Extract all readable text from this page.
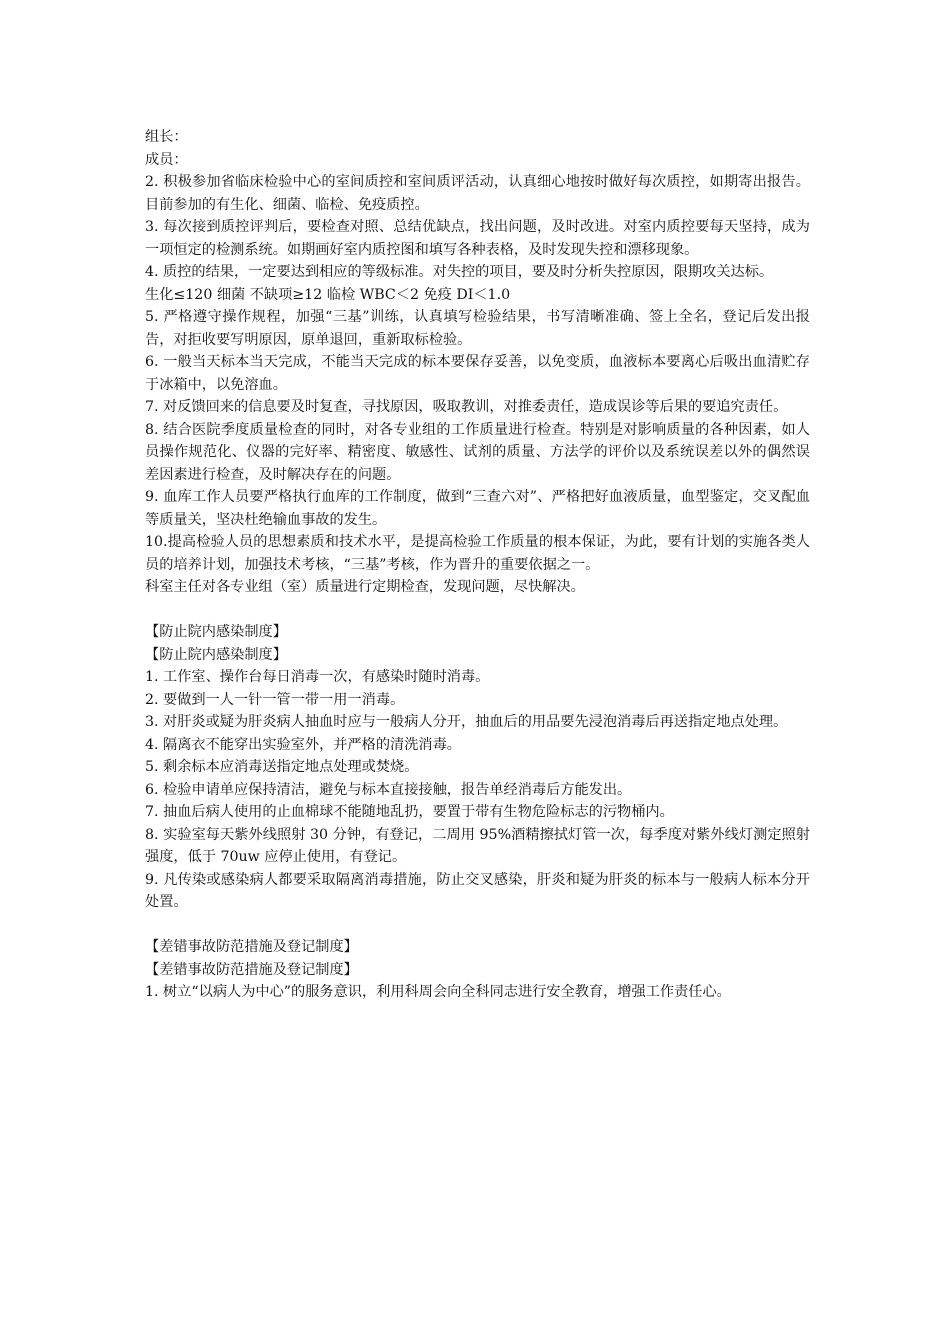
组长：

成员：

2. 积极参加省临床检验中心的室间质控和室间质评活动，认真细心地按时做好每次质控，如期寄出报告。目前参加的有生化、细菌、临检、免疫质控。

3. 每次接到质控评判后，要检查对照、总结优缺点，找出问题，及时改进。对室内质控要每天坚持，成为一项恒定的检测系统。如期画好室内质控图和填写各种表格，及时发现失控和漂移现象。

4. 质控的结果，一定要达到相应的等级标准。对失控的项目，要及时分析失控原因，限期攻关达标。

生化≤120 细菌 不缺项≥12 临检 WBC＜2 免疫 DI＜1.0

5. 严格遵守操作规程，加强“三基”训练，认真填写检验结果，书写清晰准确、签上全名，登记后发出报告，对拒收要写明原因，原单退回，重新取标检验。

6. 一般当天标本当天完成，不能当天完成的标本要保存妥善，以免变质，血液标本要离心后吸出血清贮存于冰箱中，以免溶血。

7. 对反馈回来的信息要及时复查，寻找原因，吸取教训，对推委责任，造成误诊等后果的要追究责任。

8. 结合医院季度质量检查的同时，对各专业组的工作质量进行检查。特别是对影响质量的各种因素，如人员操作规范化、仪器的完好率、精密度、敏感性、试剂的质量、方法学的评价以及系统误差以外的偶然误差因素进行检查，及时解决存在的问题。

9. 血库工作人员要严格执行血库的工作制度，做到“三查六对”、严格把好血液质量，血型鉴定，交叉配血等质量关，坚决杜绝输血事故的发生。

10.提高检验人员的思想素质和技术水平，是提高检验工作质量的根本保证，为此，要有计划的实施各类人员的培养计划，加强技术考核，“三基”考核，作为晋升的重要依据之一。

科室主任对各专业组（室）质量进行定期检查，发现问题，尽快解决。

【防止院内感染制度】

【防止院内感染制度】

1. 工作室、操作台每日消毒一次，有感染时随时消毒。

2. 要做到一人一针一管一带一用一消毒。

3. 对肝炎或疑为肝炎病人抽血时应与一般病人分开，抽血后的用品要先浸泡消毒后再送指定地点处理。

4. 隔离衣不能穿出实验室外，并严格的清洗消毒。

5. 剩余标本应消毒送指定地点处理或焚烧。

6. 检验申请单应保持清洁，避免与标本直接接触，报告单经消毒后方能发出。

7. 抽血后病人使用的止血棉球不能随地乱扔，要置于带有生物危险标志的污物桶内。

8. 实验室每天紫外线照射 30 分钟，有登记，二周用 95%酒精擦拭灯管一次，每季度对紫外线灯测定照射强度，低于 70uw 应停止使用，有登记。

9. 凡传染或感染病人都要采取隔离消毒措施，防止交叉感染，肝炎和疑为肝炎的标本与一般病人标本分开处置。

【差错事故防范措施及登记制度】

【差错事故防范措施及登记制度】

1. 树立“以病人为中心”的服务意识，利用科周会向全科同志进行安全教育，增强工作责任心。
